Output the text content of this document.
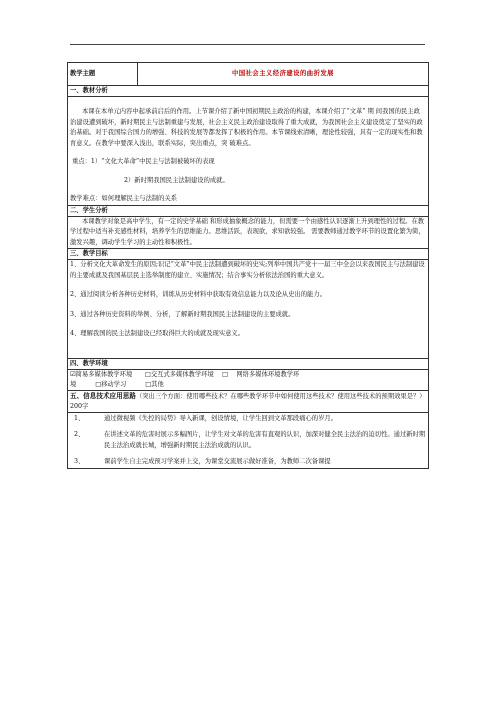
教学主题	中国社会主义经济建设的曲折发展
一、教材分析

本课在本单元内容中起承前启后的作用。上节课介绍了新中国初期民主政治的构建，本课介绍了“文革” 期 间我国的民主政治建设遭到破坏，新时期民主与法制重建与发展，社会主义民主政治建设取得了重大成就，为我国社会主义建设奠定了坚实的政治基础。对于我国综合国力的增强、科技的发展等都发挥了积极的作用。本节课线索清晰，理论性较强，具有一定的现实性和教育意义。在教学中要深入浅出，联系实际，突出重点，突 破难点。
重点：1）“文化大革命”中民主与法制被破坏的表现
2）新时期我国民主法制建设的成就。
教学难点：如何理解民主与法制的关系

二、学生分析

本课教学对象是高中学生，有一定的史学基础 和形成抽象概念的能力，但需要一个由感性认识逐渐上升到理性的过程。在教学过程中适当补充感性材料，培养学生的思维能力。思维活跃，表现欲，求知欲较强。 需要教师通过教学环节的设置化繁为简，激发兴趣，调动学生学习的主动性和积极性。

三、教学目标

1、分析文化大革命发生的原因;识记“文革”中民主法制遭到破坏的史实;列举中国共产党十一届三中全会以来我国民主与法制建设的主要成就及我国基层民主选举制度的建立、实施情况；结合事实分析依法治国的重大意义。
2、通过阅读分析各种历史材料，训练从历史材料中获取有效信息能力以及论从史出的能力。
3、通过各种历史资料的举例、分析，了解新时期我国民主法制建设的主要成就。
4、理解我国的民主法制建设已经取得巨大的成就及现实意义。

四、教学环境

☑简易多媒体教学环境　　□交互式多媒体教学环境　 □　 网络多媒体环境教学环
境　　　□移动学习　　　□其他

五、信息技术应用思路（突出三个方面：使用哪些技术？在哪些教学环节中如何使用这些技术？使用这些技术的预期效果是？）200字

1、	通过微视频《失控的局势》导入新课，创设情境，让学生回到文革那段痛心的岁月。
2、	在讲述文革的危害时展示多幅图片，让学生对文革的危害有直观的认识，加深对健全民主法治的迫切性。通过新时期民主法治成就长城，增强新时期民主法治成就的认识。
3、	课前学生自主完成预习学案并上交，为课堂交流展示做好准备，为教师二次备课提
